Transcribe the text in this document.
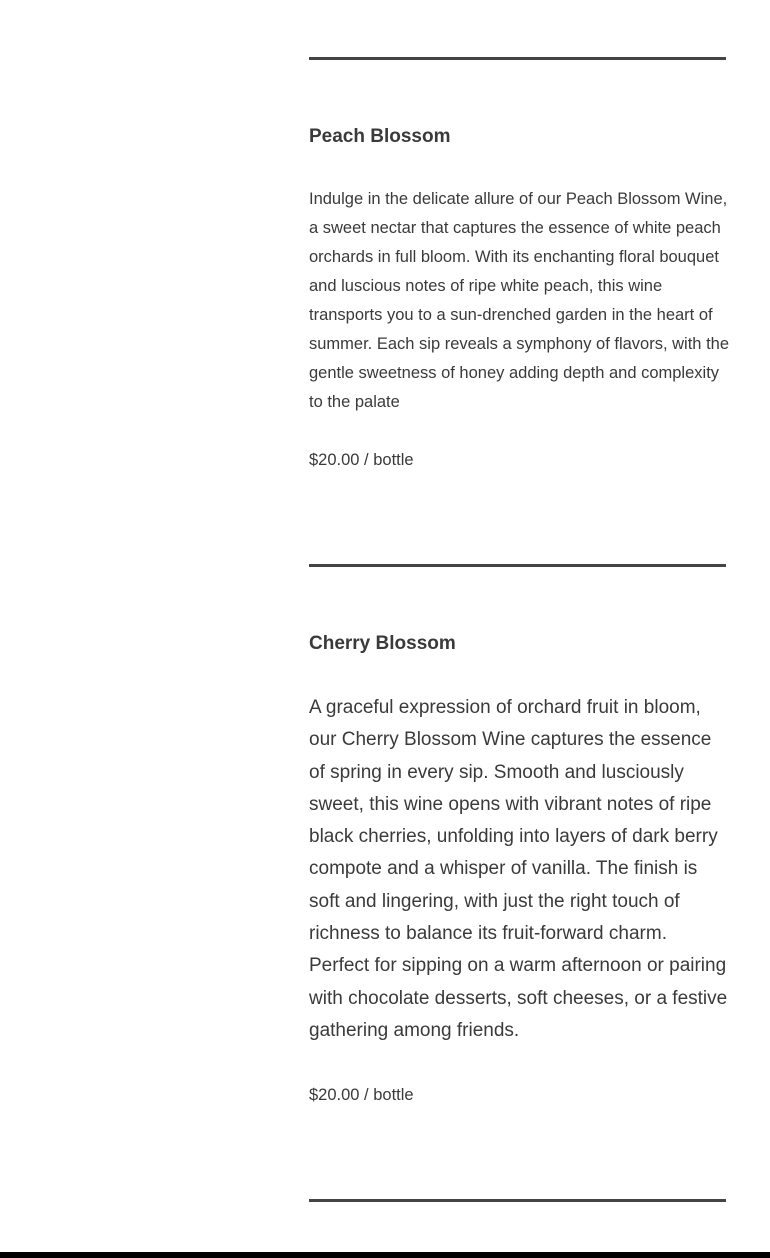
Peach Blossom

Indulge in the delicate allure of our Peach Blossom Wine, a sweet nectar that captures the essence of white peach orchards in full bloom. With its enchanting floral bouquet and luscious notes of ripe white peach, this wine transports you to a sun-drenched garden in the heart of summer. Each sip reveals a symphony of flavors, with the gentle sweetness of honey adding depth and complexity to the palate

$20.00 / bottle

Cherry Blossom

A graceful expression of orchard fruit in bloom, our Cherry Blossom Wine captures the essence of spring in every sip. Smooth and lusciously sweet, this wine opens with vibrant notes of ripe black cherries, unfolding into layers of dark berry compote and a whisper of vanilla. The finish is soft and lingering, with just the right touch of richness to balance its fruit-forward charm. Perfect for sipping on a warm afternoon or pairing with chocolate desserts, soft cheeses, or a festive gathering among friends.

$20.00 / bottle
